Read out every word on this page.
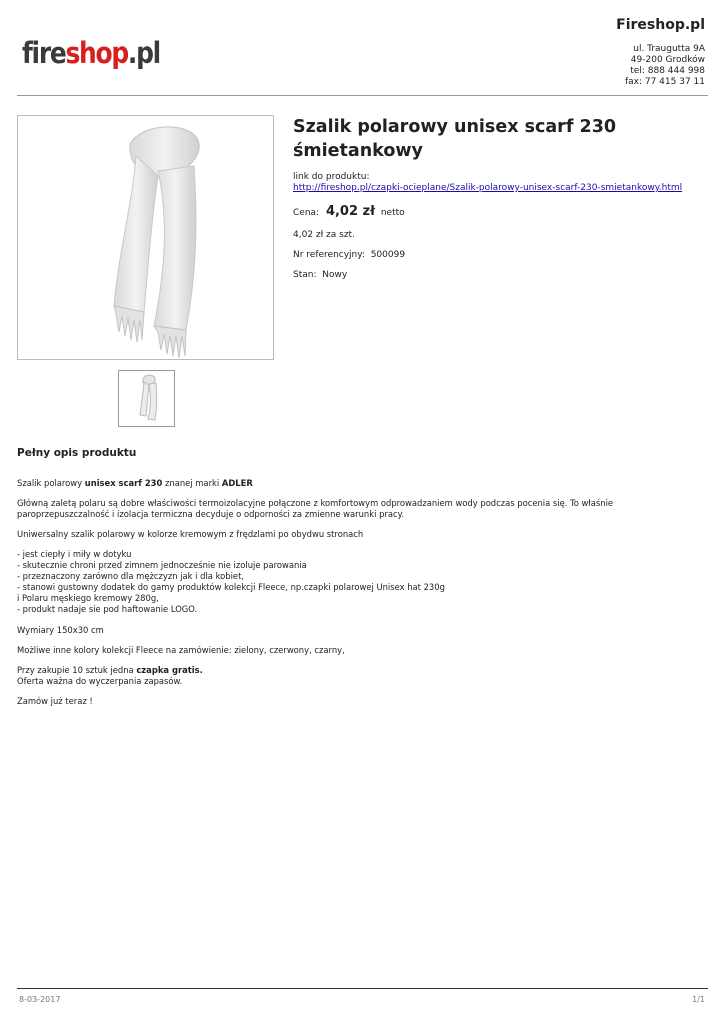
fireshop.pl
Fireshop.pl
ul. Traugutta 9A
49-200 Grodków
tel: 888 444 998
fax: 77 415 37 11
Szalik polarowy unisex scarf 230 śmietankowy
link do produktu:
http://fireshop.pl/czapki-ocieplane/Szalik-polarowy-unisex-scarf-230-smietankowy.html
Cena: 4,02 zł netto
4,02 zł za szt.
Nr referencyjny: 500099
Stan: Nowy
Pełny opis produktu

Szalik polarowy unisex scarf 230 znanej marki ADLER

Główną zaletą polaru są dobre właściwości termoizolacyjne połączone z komfortowym odprowadzaniem wody podczas pocenia się. To właśnie paroprzepuszczalność i izolacja termiczna decyduje o odporności za zmienne warunki pracy.

Uniwersalny szalik polarowy w kolorze kremowym z frędzlami po obydwu stronach

- jest ciepły i miły w dotyku
- skutecznie chroni przed zimnem jednocześnie nie izoluje parowania
- przeznaczony zarówno dla mężczyzn jak i dla kobiet,
- stanowi gustowny dodatek do gamy produktów kolekcji Fleece, np.czapki polarowej Unisex hat 230g
i Polaru męskiego kremowy 280g,
- produkt nadaje sie pod haftowanie LOGO.

Wymiary 150x30 cm

Możliwe inne kolory kolekcji Fleece na zamówienie: zielony, czerwony, czarny,

Przy zakupie 10 sztuk jedna czapka gratis.
Oferta ważna do wyczerpania zapasów.

Zamów już teraz !

8-03-2017	1/1
